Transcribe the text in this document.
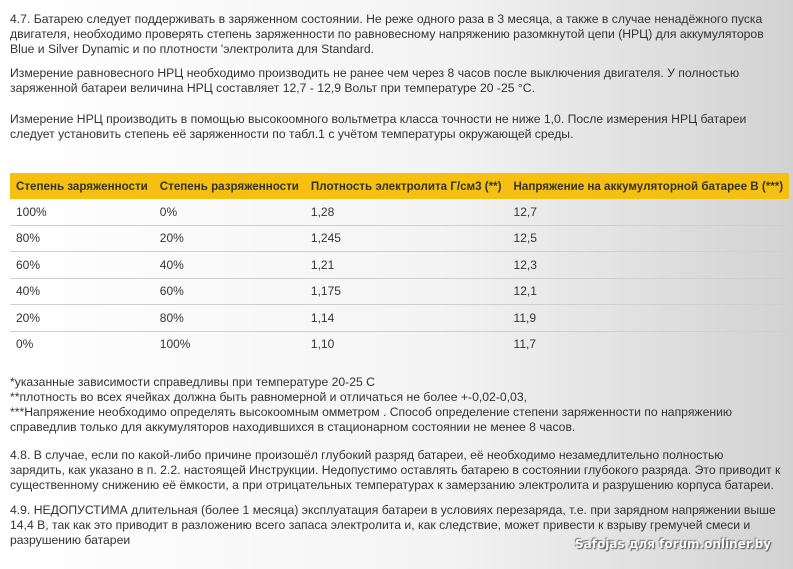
4.7. Батарею следует поддерживать в заряженном состоянии. Не реже одного раза в 3 месяца, а также в случае ненадёжного пуска
двигателя, необходимо проверять степень заряженности по равновесному напряжению разомкнутой цепи (НРЦ) для аккумуляторов
Blue и Silver Dynamic и по плотности 'электролита для Standard.
Измерение равновесного НРЦ необходимо производить не ранее чем через 8 часов после выключения двигателя. У полностью
заряженной батареи величина НРЦ составляет 12,7 - 12,9 Вольт при температуре 20 -25 °С.
Измерение НРЦ производить в помощью высокоомного вольтметра класса точности не ниже 1,0. После измерения НРЦ батареи
следует установить степень её заряженности по табл.1 с учётом температуры окружающей среды.
Степень заряженности	Степень разряженности	Плотность электролита Г/см3 (**)	Напряжение на аккумуляторной батарее В (***)
100%	0%	1,28	12,7
80%	20%	1,245	12,5
60%	40%	1,21	12,3
40%	60%	1,175	12,1
20%	80%	1,14	11,9
0%	100%	1,10	11,7
*указанные зависимости справедливы при температуре 20-25 С
**плотность во всех ячейках должна быть равномерной и отличаться не более +-0,02-0,03,
***Напряжение необходимо определять высокоомным омметром . Способ определение степени заряженности по напряжению
справедлив только для аккумуляторов находившихся в стационарном состоянии не менее 8 часов.
4.8. В случае, если по какой-либо причине произошёл глубокий разряд батареи, её необходимо незамедлительно полностью
зарядить, как указано в п. 2.2. настоящей Инструкции. Недопустимо оставлять батарею в состоянии глубокого разряда. Это приводит к
существенному снижению её ёмкости, а при отрицательных температурах к замерзанию электролита и разрушению корпуса батареи.
4.9. НЕДОПУСТИМА длительная (более 1 месяца) эксплуатация батареи в условиях перезаряда, т.е. при зарядном напряжении выше
14,4 В, так как это приводит в разложению всего запаса электролита и, как следствие, может привести к взрыву гремучей смеси и
разрушению батареи	Safojas для forum.onliner.by
